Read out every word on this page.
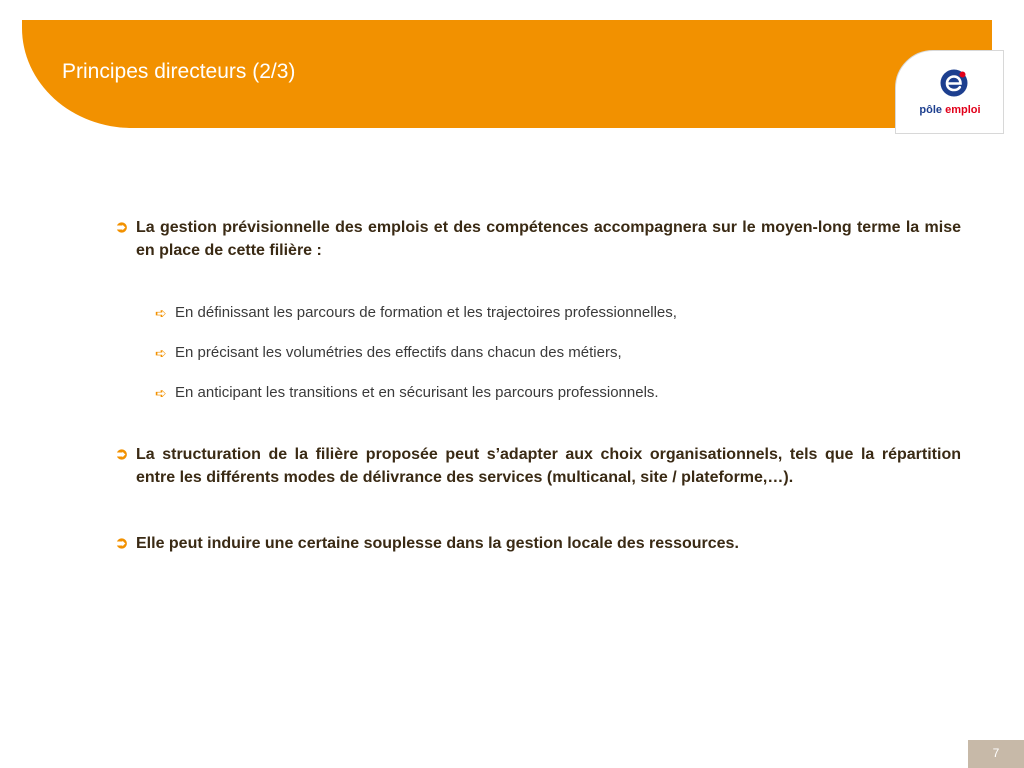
Principes directeurs (2/3)
pôle emploi

➲ La gestion prévisionnelle des emplois et des compétences accompagnera sur le moyen-long terme la mise en place de cette filière :

➪ En définissant les parcours de formation et les trajectoires professionnelles,
➪ En précisant les volumétries des effectifs dans chacun des métiers,
➪ En anticipant les transitions et en sécurisant les parcours professionnels.

➲ La structuration de la filière proposée peut s’adapter aux choix organisationnels, tels que la répartition entre les différents modes de délivrance des services (multicanal, site / plateforme,…).

➲ Elle peut induire une certaine souplesse dans la gestion locale des ressources.

7
